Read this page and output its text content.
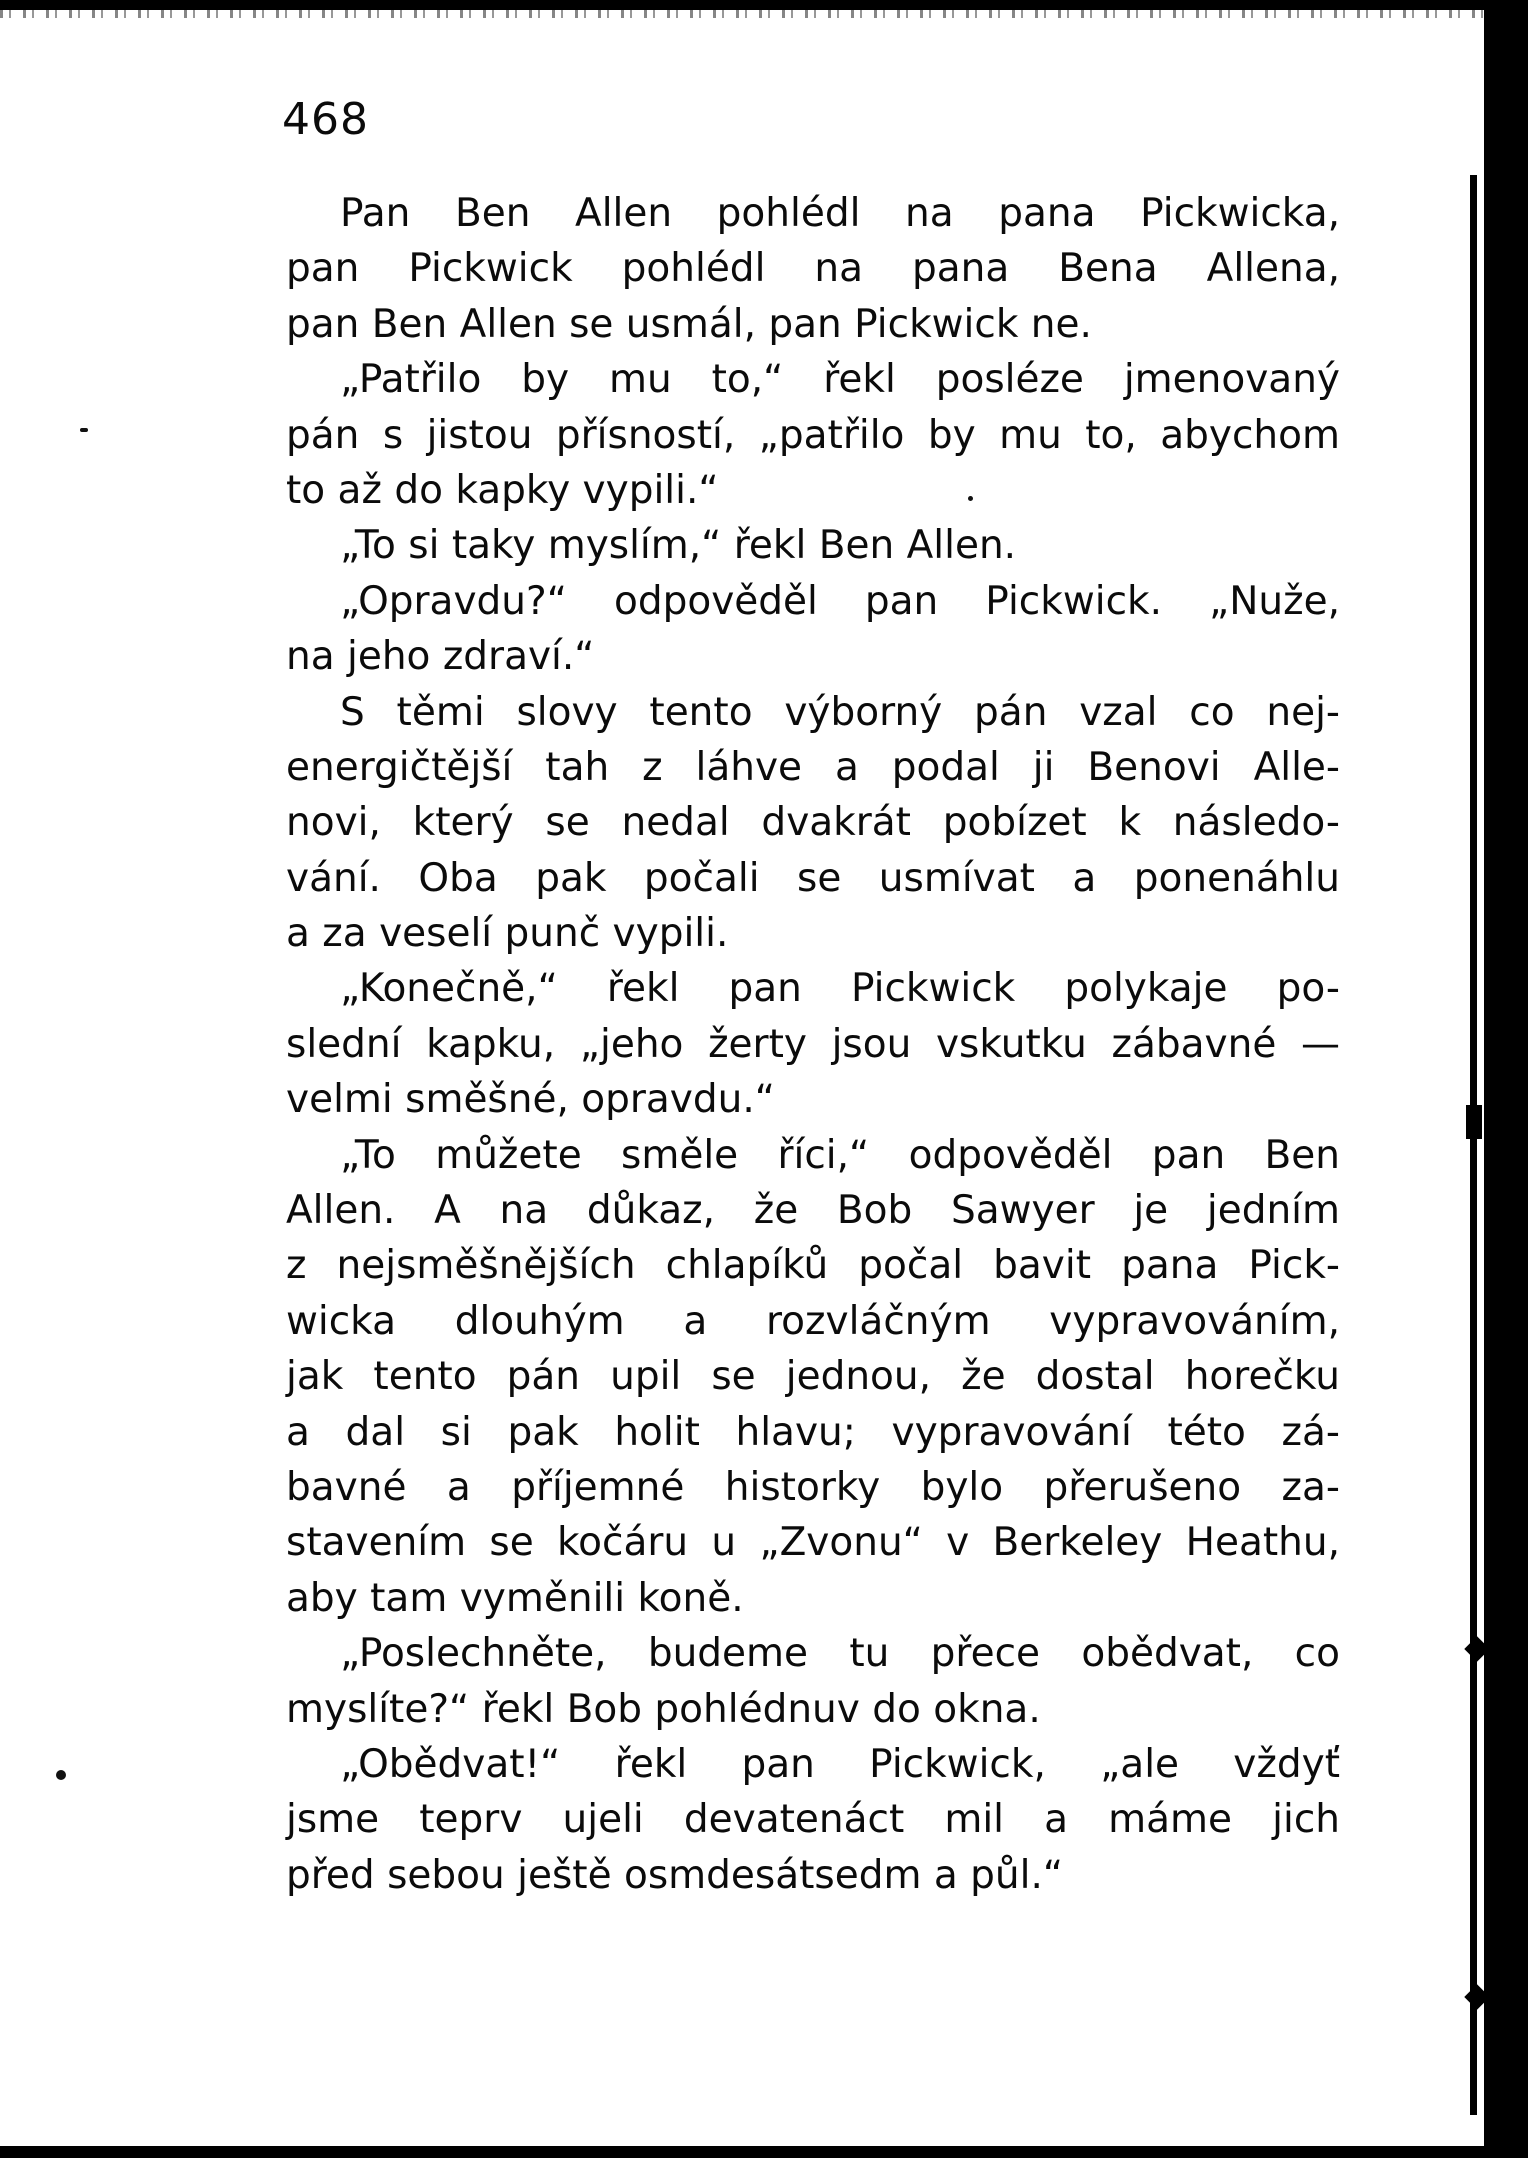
468
Pan Ben Allen pohlédl na pana Pickwicka,
pan Pickwick pohlédl na pana Bena Allena,
pan Ben Allen se usmál, pan Pickwick ne.
„Patřilo by mu to,“ řekl posléze jmenovaný
pán s jistou přísností, „patřilo by mu to, abychom
to až do kapky vypili.“
„To si taky myslím,“ řekl Ben Allen.
„Opravdu?“ odpověděl pan Pickwick. „Nuže,
na jeho zdraví.“
S těmi slovy tento výborný pán vzal co nej-
energičtější tah z láhve a podal ji Benovi Alle-
novi, který se nedal dvakrát pobízet k následo-
vání. Oba pak počali se usmívat a ponenáhlu
a za veselí punč vypili.
„Konečně,“ řekl pan Pickwick polykaje po-
slední kapku, „jeho žerty jsou vskutku zábavné —
velmi směšné, opravdu.“
„To můžete směle říci,“ odpověděl pan Ben
Allen. A na důkaz, že Bob Sawyer je jedním
z nejsměšnějších chlapíků počal bavit pana Pick-
wicka dlouhým a rozvláčným vypravováním,
jak tento pán upil se jednou, že dostal horečku
a dal si pak holit hlavu; vypravování této zá-
bavné a příjemné historky bylo přerušeno za-
stavením se kočáru u „Zvonu“ v Berkeley Heathu,
aby tam vyměnili koně.
„Poslechněte, budeme tu přece obědvat, co
myslíte?“ řekl Bob pohlédnuv do okna.
„Obědvat!“ řekl pan Pickwick, „ale vždyť
jsme teprv ujeli devatenáct mil a máme jich
před sebou ještě osmdesátsedm a půl.“
